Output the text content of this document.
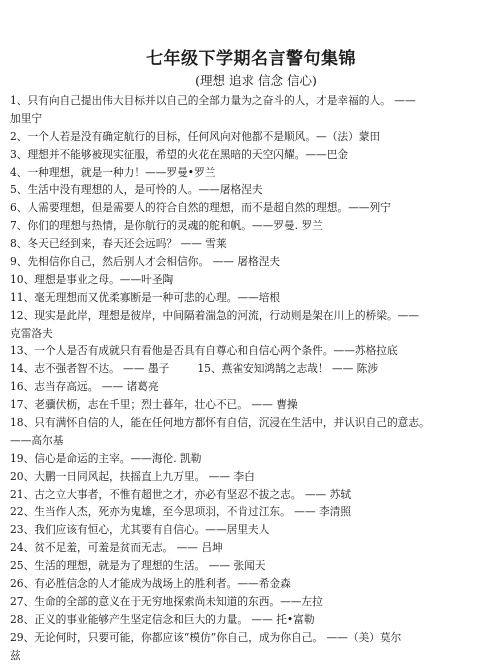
七年级下学期名言警句集锦
(理想 追求 信念 信心)
1、只有向自己提出伟大目标并以自己的全部力量为之奋斗的人，才是幸福的人。 ——
加里宁
2、一个人若是没有确定航行的目标，任何风向对他都不是顺风。—（法）蒙田
3、理想并不能够被现实征服，希望的火花在黑暗的天空闪耀。——巴金
4、一种理想，就是一种力！——罗曼•罗兰
5、生活中没有理想的人，是可怜的人。——屠格涅夫
6、人需要理想，但是需要人的符合自然的理想，而不是超自然的理想。——列宁
7、你们的理想与热情，是你航行的灵魂的舵和帆。——罗曼. 罗兰
8、冬天已经到来，春天还会远吗？ —— 雪莱
9、先相信你自己，然后别人才会相信你。 —— 屠格涅夫
10、理想是事业之母。——叶圣陶
11、毫无理想而又优柔寡断是一种可悲的心理。——培根
12、现实是此岸，理想是彼岸，中间隔着湍急的河流，行动则是架在川上的桥梁。——
克雷洛夫
13、一个人是否有成就只有看他是否具有自尊心和自信心两个条件。——苏格拉底
14、志不强者智不达。 —— 墨子	15、燕雀安知鸿鹄之志哉！ —— 陈涉
16、志当存高远。 —— 诸葛亮
17、老骥伏枥，志在千里；烈士暮年，壮心不已。 —— 曹操
18、只有满怀自信的人，能在任何地方都怀有自信，沉浸在生活中，并认识自己的意志。
——高尔基
19、信心是命运的主宰。——海伦. 凯勒
20、大鹏一日同风起，扶摇直上九万里。 —— 李白
21、古之立大事者，不惟有超世之才，亦必有坚忍不拔之志。 —— 苏轼
22、生当作人杰，死亦为鬼雄，至今思项羽，不肯过江东。 —— 李清照
23、我们应该有恒心，尤其要有自信心。——居里夫人
24、贫不足羞，可羞是贫而无志。 —— 吕坤
25、生活的理想，就是为了理想的生活。 —— 张闻天
26、有必胜信念的人才能成为战场上的胜利者。——希金森
27、生命的全部的意义在于无穷地探索尚未知道的东西。——左拉
28、正义的事业能够产生坚定信念和巨大的力量。 —— 托•富勒
29、无论何时，只要可能，你都应该“模仿”你自己，成为你自己。 ——（美）莫尔
兹
